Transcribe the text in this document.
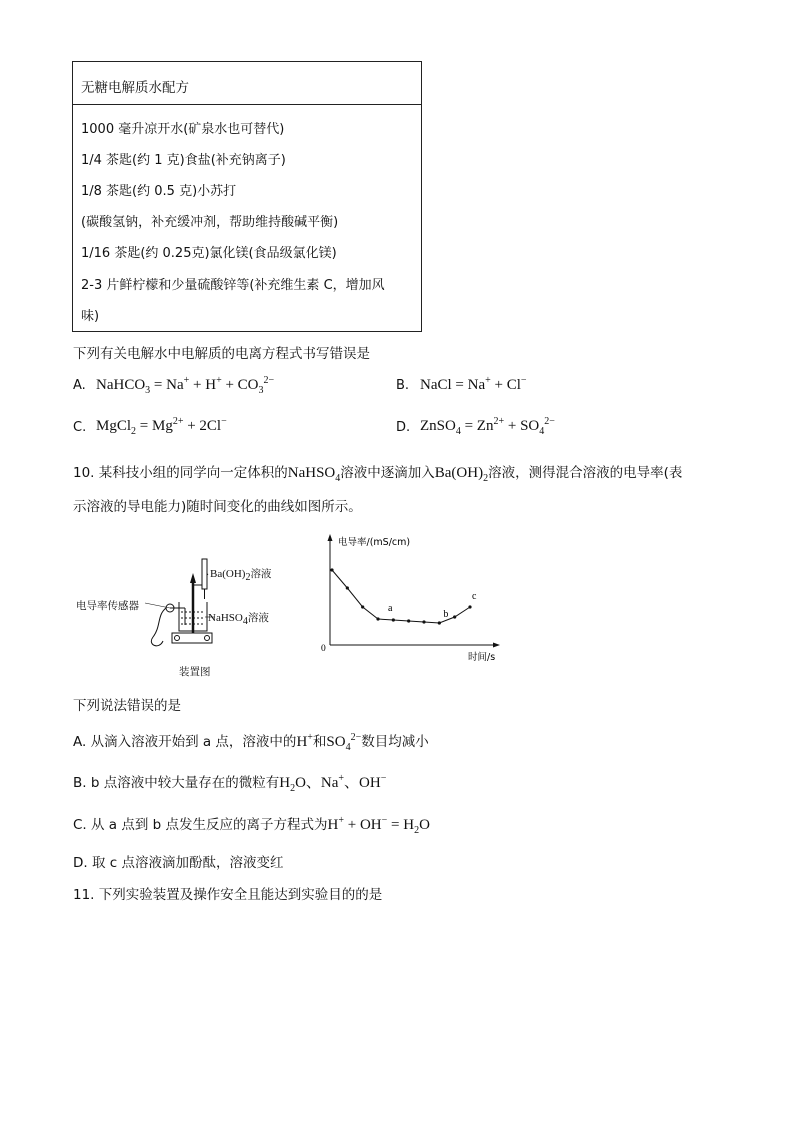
无糖电解质水配方
1000 毫升凉开水(矿泉水也可替代)
1/4 茶匙(约 1 克)食盐(补充钠离子)
1/8 茶匙(约 0.5 克)小苏打
(碳酸氢钠，补充缓冲剂，帮助维持酸碱平衡)
1/16 茶匙(约 0.25克)氯化镁(食品级氯化镁)
2-3 片鲜柠檬和少量硫酸锌等(补充维生素 C，增加风
味)
下列有关电解水中电解质的电离方程式书写错误是
A. NaHCO$_3$ = $Na^+ + H^+ + CO_3^{2-}$	B. NaCl = Na+ + Cl−
C. MgCl$_2$ = $Mg^{2+} + 2Cl^-$	D. ZnSO$_4$ = $Zn^{2+} + SO_4^{2-}$
10. 某科技小组的同学向一定体积的NaHSO$_4$溶液中逐滴加入$Ba(OH)_2$溶液，测得混合溶液的电导率(表
示溶液的导电能力)随时间变化的曲线如图所示。
电导率传感器
$Ba(OH)_2$溶液
NaHSO$_4$溶液
装置图
a
b
c
电导率/(mS/cm)
0
时间/s
下列说法错误的是
A. 从滴入溶液开始到 a 点，溶液中的H+和$SO_4^{2-}$数目均减小
B. b 点溶液中较大量存在的微粒有$H_2O$、Na+、OH−
C. 从 a 点到 b 点发生反应的离子方程式为$H^+ + OH^- = H_2O$
D. 取 c 点溶液滴加酚酞，溶液变红
11. 下列实验装置及操作安全且能达到实验目的的是
